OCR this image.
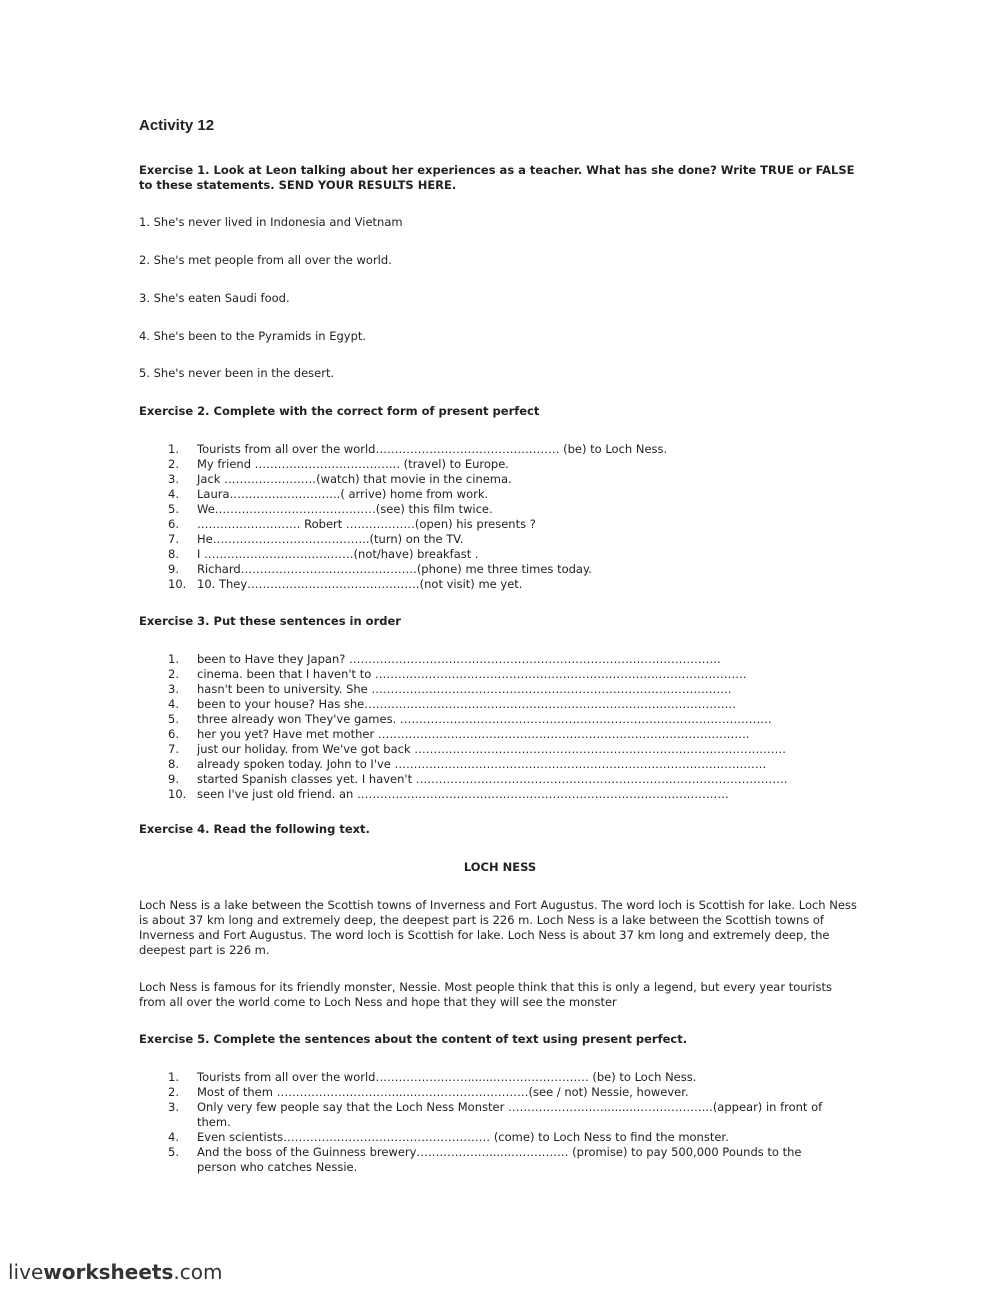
Activity 12
Exercise 1. Look at Leon talking about her experiences as a teacher. What has she done? Write TRUE or FALSE to these statements. SEND YOUR RESULTS HERE.
1. She's never lived in Indonesia and Vietnam
2. She's met people from all over the world.
3. She's eaten Saudi food.
4. She's been to the Pyramids in Egypt.
5. She's never been in the desert.
Exercise 2. Complete with the correct form of present perfect
1.	Tourists from all over the world………………………………………… (be) to Loch Ness.
2.	My friend ……………………………….. (travel) to Europe.
3.	Jack ……………………(watch) that movie in the cinema.
4.	Laura………………………..( arrive) home from work.
5.	We……………………………………(see) this film twice.
6.	……………………… Robert ………………(open) his presents ?
7.	He…………………………………..(turn) on the TV.
8.	I …………………………………(not/have) breakfast .
9.	Richard……………………………………….(phone) me three times today.
10. 10. They………………………………………(not visit) me yet.
Exercise 3. Put these sentences in order
1.	been to Have they Japan? …………………………………………………………………………………….
2.	cinema. been that I haven't to …………………………………………………………………………………….
3.	hasn't been to university. She ………………………………………………………………………………….
4.	been to your house? Has she…………………………………………………………………………………….
5.	three already won They've games. …………………………………………………………………………………….
6.	her you yet? Have met mother …………………………………………………………………………………….
7.	just our holiday. from We've got back …………………………………………………………………………………….
8.	already spoken today. John to I've …………………………………………………………………………………….
9.	started Spanish classes yet. I haven't …………………………………………………………………………………….
10. seen I've just old friend. an …………………………………………………………………………………….
Exercise 4. Read the following text.
LOCH NESS
Loch Ness is a lake between the Scottish towns of Inverness and Fort Augustus. The word loch is Scottish for lake. Loch Ness is about 37 km long and extremely deep, the deepest part is 226 m. Loch Ness is a lake between the Scottish towns of Inverness and Fort Augustus. The word loch is Scottish for lake. Loch Ness is about 37 km long and extremely deep, the deepest part is 226 m.
Loch Ness is famous for its friendly monster, Nessie. Most people think that this is only a legend, but every year tourists from all over the world come to Loch Ness and hope that they will see the monster
Exercise 5. Complete the sentences about the content of text using present perfect.
1.	Tourists from all over the world……………………........…………………… (be) to Loch Ness.
2.	Most of them …………………………......…………………………(see / not) Nessie, however.
3.	Only very few people say that the Loch Ness Monster ……………………..........………………..(appear) in front of them.
4.	Even scientists……………………………………………… (come) to Loch Ness to find the monster.
5.	And the boss of the Guinness brewery……………….......…………… (promise) to pay 500,000 Pounds to the person who catches Nessie.
liveworksheets.com
